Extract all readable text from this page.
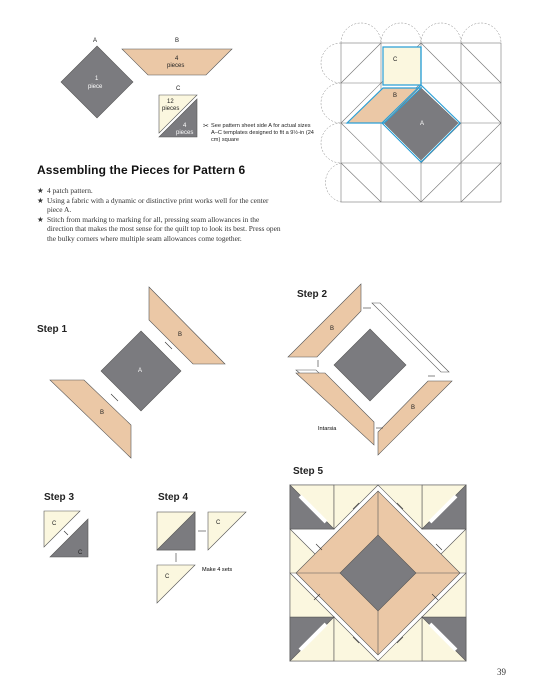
A
1
piece
B
4
pieces
C
12
pieces
4
pieces
✂ See pattern sheet side A for actual sizes A–C templates designed to fit a 9½-in (24 cm) square
C
B
A
Assembling the Pieces for Pattern 6
★ 4 patch pattern.
★ Using a fabric with a dynamic or distinctive print works well for the center piece A.
★ Stitch from marking to marking for all, pressing seam allowances in the direction that makes the most sense for the quilt top to look its best. Press open the bulky corners where multiple seam allowances come together.
Step 1	B
A
B
Step 2
B
B
Intarsia
Step 3
C
C
Step 4
C
C
Make 4 sets
Step 5
39
